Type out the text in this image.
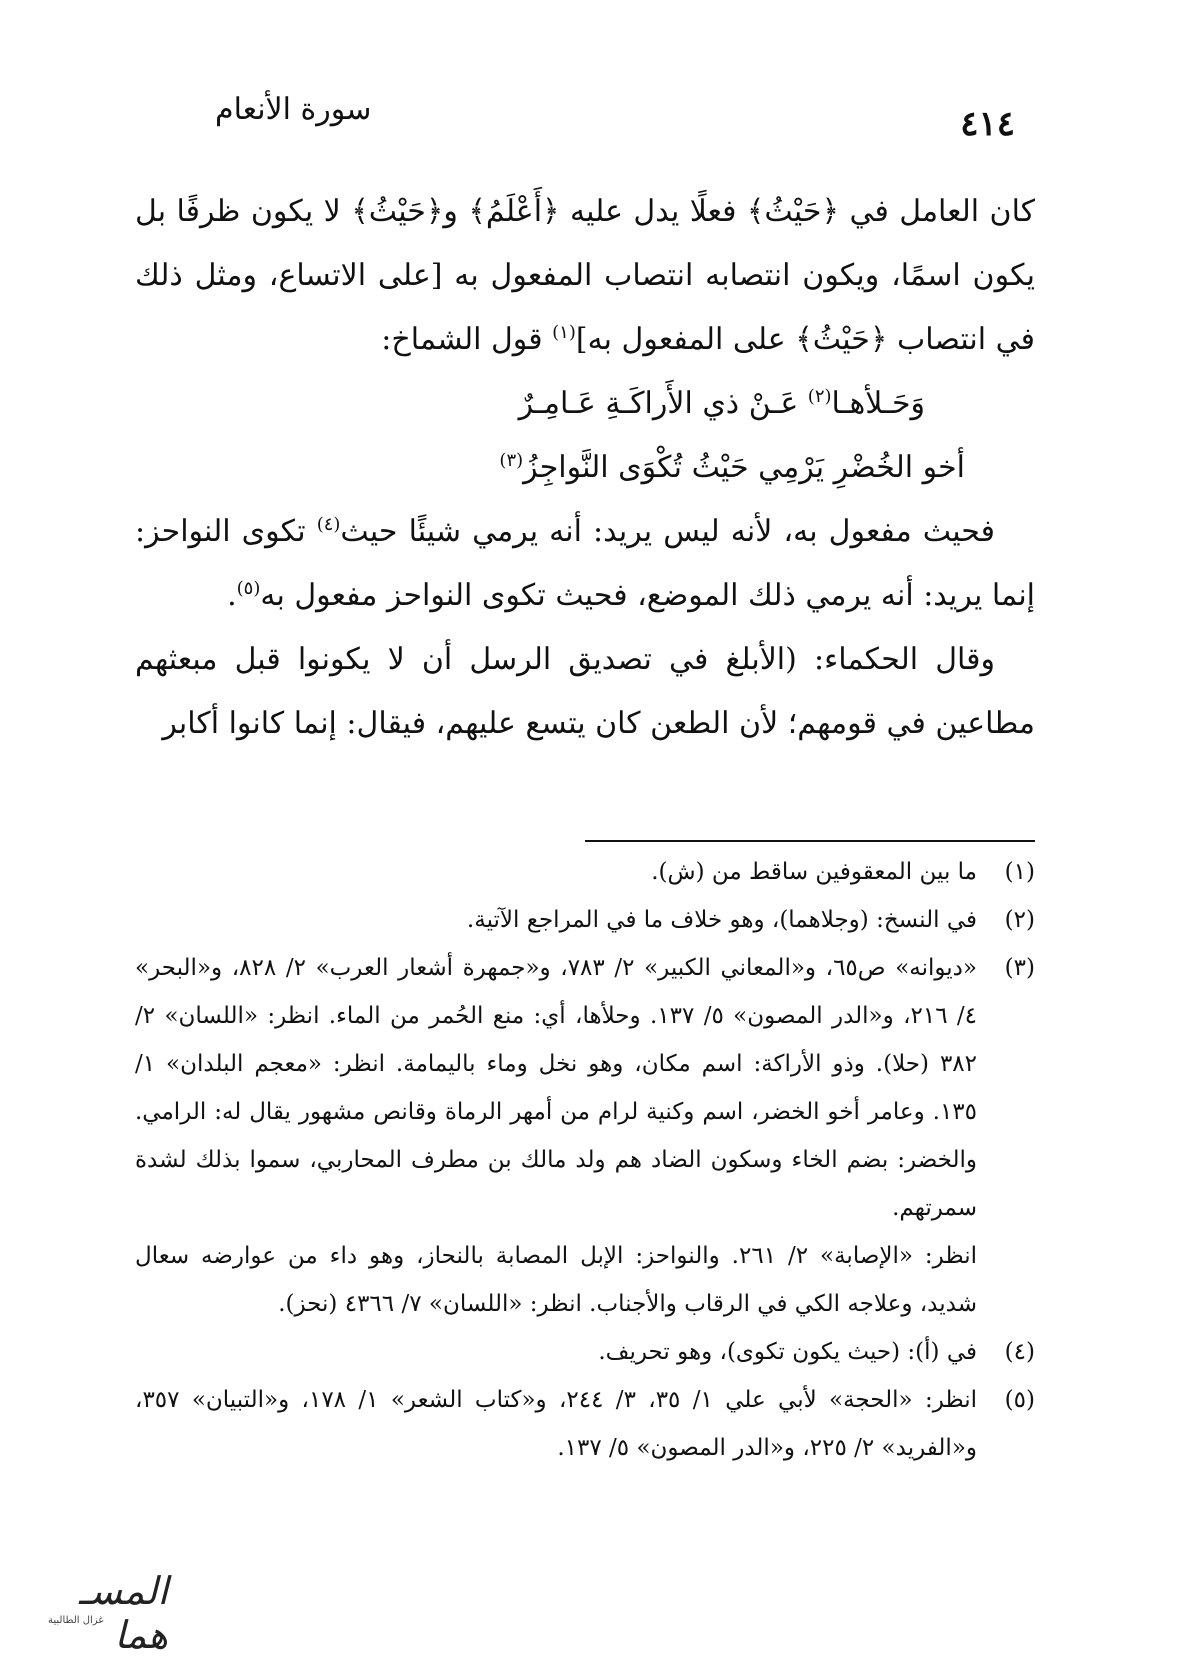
٤١٤
سورة الأنعام

كان العامل في ﴿حَيْثُ﴾ فعلًا يدل عليه ﴿أَعْلَمُ﴾ و﴿حَيْثُ﴾ لا يكون ظرفًا بل يكون اسمًا، ويكون انتصابه انتصاب المفعول به [على الاتساع، ومثل ذلك في انتصاب ﴿حَيْثُ﴾ على المفعول به]$^{(١)}$ قول الشماخ:

وَحَـلأهـا$^{(٢)}$ عَـنْ ذي الأَراكَـةِ عَـامِـرٌ

أخو الخُضْرِ يَرْمِي حَيْثُ تُكْوَى النَّواجِزُ$^{(٣)}$

فحيث مفعول به، لأنه ليس يريد: أنه يرمي شيئًا حيث$^{(٤)}$ تكوى النواحز: إنما يريد: أنه يرمي ذلك الموضع، فحيث تكوى النواحز مفعول به$^{(٥)}$.

وقال الحكماء: (الأبلغ في تصديق الرسل أن لا يكونوا قبل مبعثهم مطاعين في قومهم؛ لأن الطعن كان يتسع عليهم، فيقال: إنما كانوا أكابر

(١)

ما بين المعقوفين ساقط من (ش).

(٢)

في النسخ: (وجلاهما)، وهو خلاف ما في المراجع الآتية.

(٣)

«ديوانه» ص٦٥، و«المعاني الكبير» ٢/ ٧٨٣، و«جمهرة أشعار العرب» ٢/ ٨٢٨، و«البحر» ٤/ ٢١٦، و«الدر المصون» ٥/ ١٣٧. وحلأها، أي: منع الحُمر من الماء. انظر: «اللسان» ٢/ ٣٨٢ (حلا). وذو الأراكة: اسم مكان، وهو نخل وماء باليمامة. انظر: «معجم البلدان» ١/ ١٣٥. وعامر أخو الخضر، اسم وكنية لرام من أمهر الرماة وقانص مشهور يقال له: الرامي. والخضر: بضم الخاء وسكون الضاد هم ولد مالك بن مطرف المحاربي، سموا بذلك لشدة سمرتهم.

انظر: «الإصابة» ٢/ ٢٦١. والنواحز: الإبل المصابة بالنحاز، وهو داء من عوارضه سعال شديد، وعلاجه الكي في الرقاب والأجناب. انظر: «اللسان» ٧/ ٤٣٦٦ (نحز).

(٤)

في (أ): (حيث يكون تكوى)، وهو تحريف.

(٥)

انظر: «الحجة» لأبي علي ١/ ٣٥، ٣/ ٢٤٤، و«كتاب الشعر» ١/ ١٧٨، و«التبيان» ٣٥٧، و«الفريد» ٢/ ٢٢٥، و«الدر المصون» ٥/ ١٣٧.

المسـ هما
غزال الطالبية
